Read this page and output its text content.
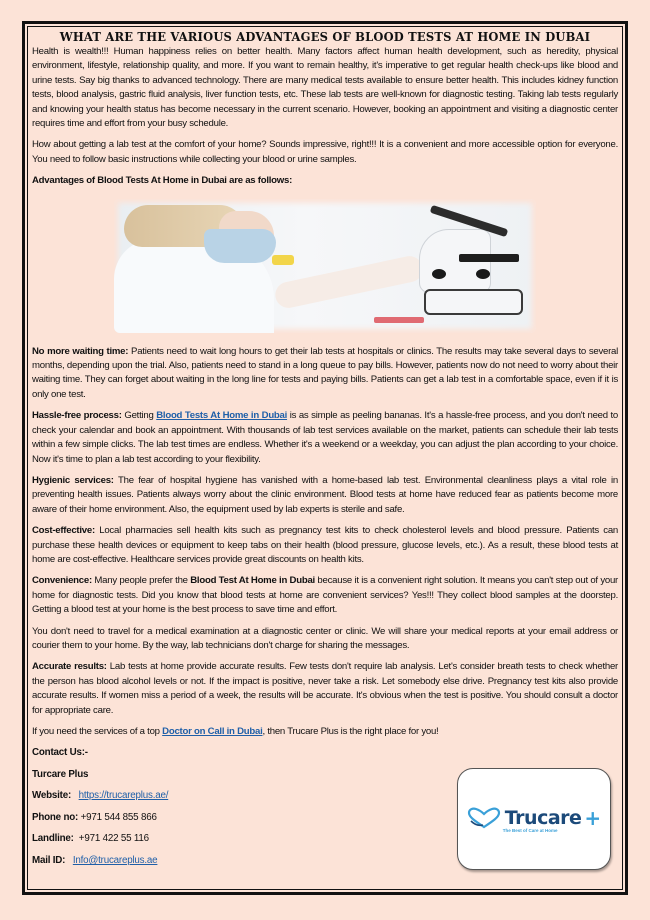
WHAT ARE THE VARIOUS ADVANTAGES OF BLOOD TESTS AT HOME IN DUBAI

Health is wealth!!! Human happiness relies on better health. Many factors affect human health development, such as heredity, physical environment, lifestyle, relationship quality, and more. If you want to remain healthy, it's imperative to get regular health check-ups like blood and urine tests. Say big thanks to advanced technology. There are many medical tests available to ensure better health. This includes kidney function tests, blood analysis, gastric fluid analysis, liver function tests, etc. These lab tests are well-known for diagnostic testing. Taking lab tests regularly and knowing your health status has become necessary in the current scenario. However, booking an appointment and visiting a diagnostic center requires time and effort from your busy schedule.

How about getting a lab test at the comfort of your home? Sounds impressive, right!!! It is a convenient and more accessible option for everyone. You need to follow basic instructions while collecting your blood or urine samples.

Advantages of Blood Tests At Home in Dubai are as follows:

No more waiting time: Patients need to wait long hours to get their lab tests at hospitals or clinics. The results may take several days to several months, depending upon the trial. Also, patients need to stand in a long queue to pay bills. However, patients now do not need to worry about their waiting time. They can forget about waiting in the long line for tests and paying bills. Patients can get a lab test in a comfortable space, even if it is only one test.

Hassle-free process: Getting Blood Tests At Home in Dubai is as simple as peeling bananas. It's a hassle-free process, and you don't need to check your calendar and book an appointment. With thousands of lab test services available on the market, patients can schedule their lab tests within a few simple clicks. The lab test times are endless. Whether it's a weekend or a weekday, you can adjust the plan according to your choice. Now it's time to plan a lab test according to your flexibility.

Hygienic services: The fear of hospital hygiene has vanished with a home-based lab test. Environmental cleanliness plays a vital role in preventing health issues. Patients always worry about the clinic environment. Blood tests at home have reduced fear as patients become more aware of their home environment. Also, the equipment used by lab experts is sterile and safe.

Cost-effective: Local pharmacies sell health kits such as pregnancy test kits to check cholesterol levels and blood pressure. Patients can purchase these health devices or equipment to keep tabs on their health (blood pressure, glucose levels, etc.). As a result, these blood tests at home are cost-effective. Healthcare services provide great discounts on health kits.

Convenience: Many people prefer the Blood Test At Home in Dubai because it is a convenient right solution. It means you can't step out of your home for diagnostic tests. Did you know that blood tests at home are convenient services? Yes!!! They collect blood samples at the doorstep. Getting a blood test at your home is the best process to save time and effort.

You don't need to travel for a medical examination at a diagnostic center or clinic. We will share your medical reports at your email address or courier them to your home. By the way, lab technicians don't charge for sharing the messages.

Accurate results: Lab tests at home provide accurate results. Few tests don't require lab analysis. Let's consider breath tests to check whether the person has blood alcohol levels or not. If the impact is positive, never take a risk. Let somebody else drive. Pregnancy test kits also provide accurate results. If women miss a period of a week, the results will be accurate. It's obvious when the test is positive. You should consult a doctor for appropriate care.

If you need the services of a top Doctor on Call in Dubai, then Trucare Plus is the right place for you!

Contact Us:-
Turcare Plus
Website: https://trucareplus.ae/
Phone no: +971 544 855 866
Landline: +971 422 55 116
Mail ID: Info@trucareplus.ae
Trucare +
The Best of Care at Home
